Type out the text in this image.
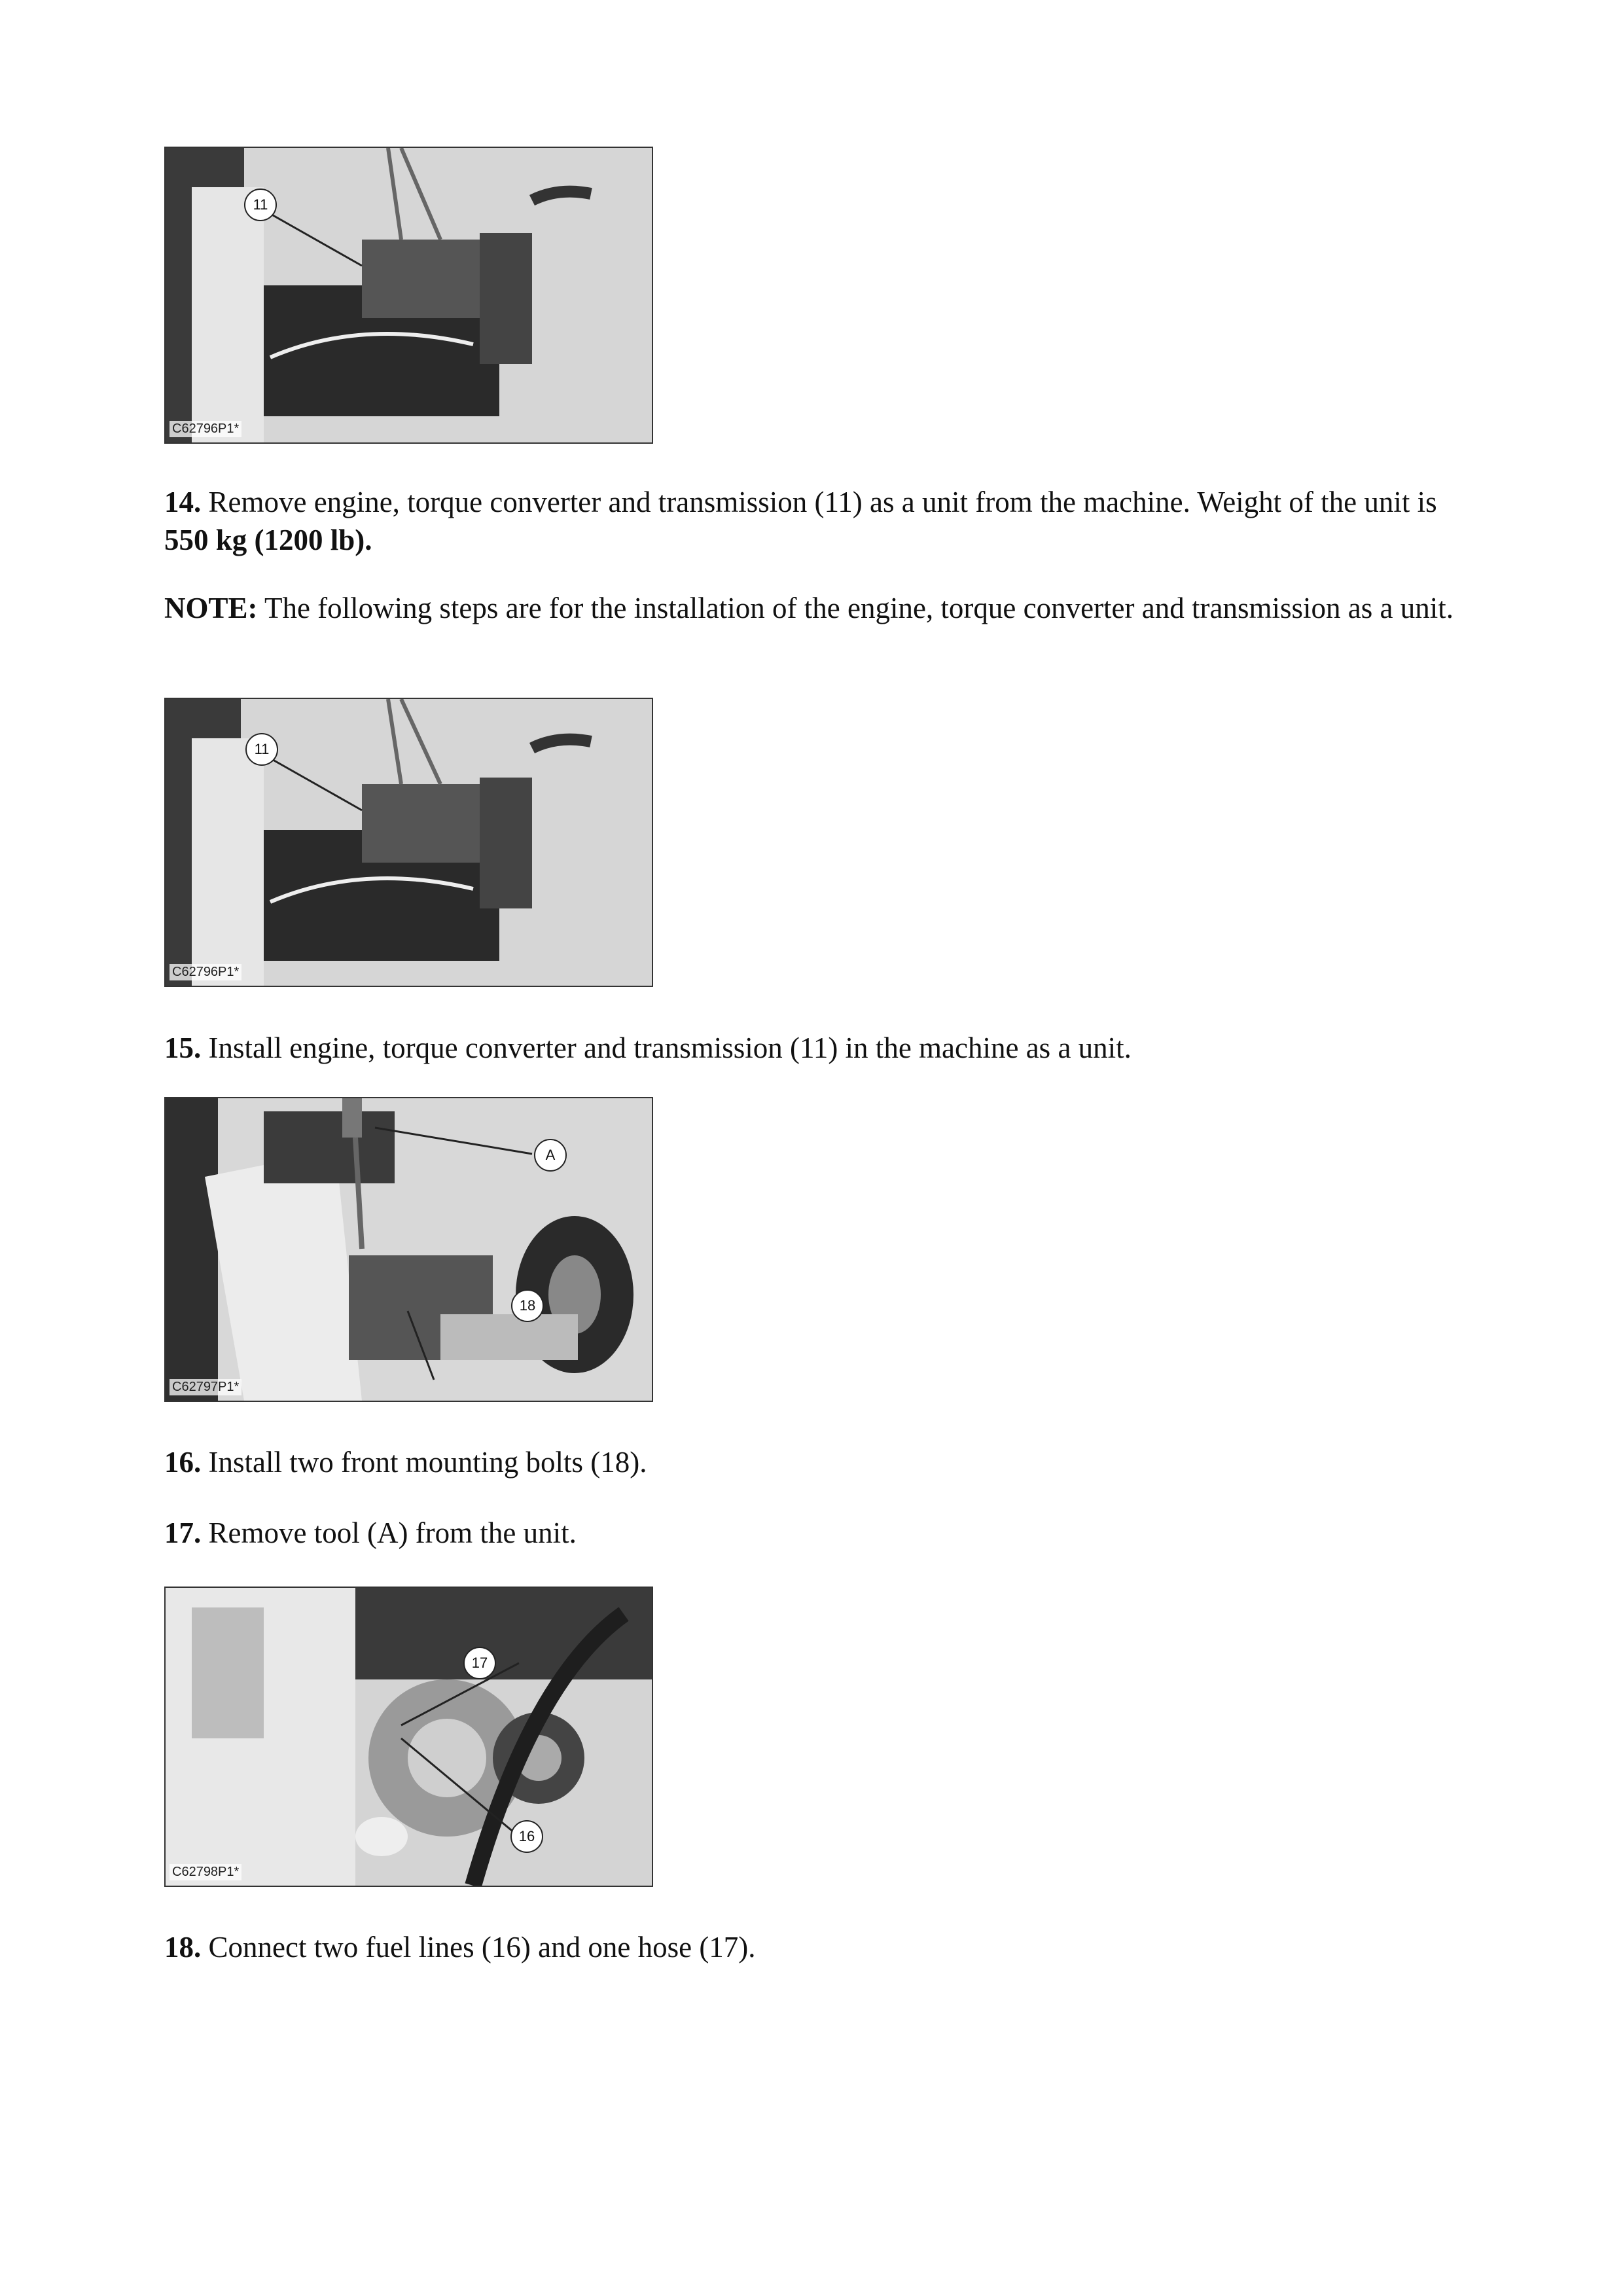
11
C62796P1*

14. Remove engine, torque converter and transmission (11) as a unit from the machine. Weight of the unit is 550 kg (1200 lb).

NOTE: The following steps are for the installation of the engine, torque converter and transmission as a unit.

11
C62796P1*

15. Install engine, torque converter and transmission (11) in the machine as a unit.

A
18
C62797P1*

16. Install two front mounting bolts (18).

17. Remove tool (A) from the unit.

17
16
C62798P1*

18. Connect two fuel lines (16) and one hose (17).
